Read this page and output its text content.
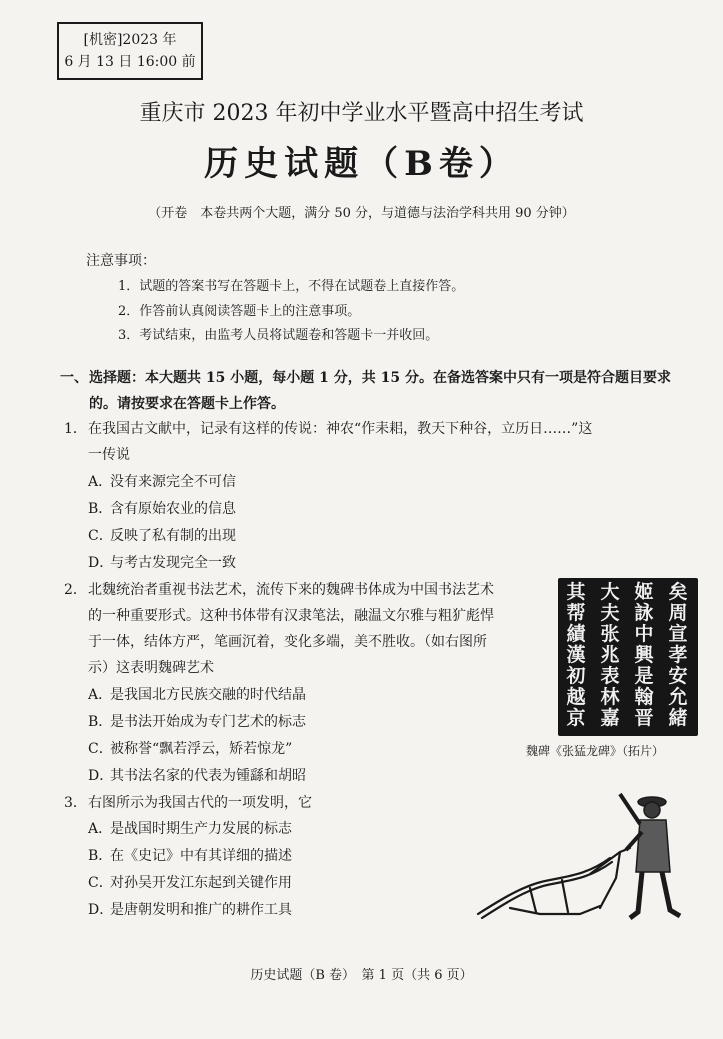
[机密]2023 年
6 月 13 日 16:00 前
重庆市 2023 年初中学业水平暨高中招生考试
历史试题（B卷）
（开卷　本卷共两个大题，满分 50 分，与道德与法治学科共用 90 分钟）
注意事项：
1．试题的答案书写在答题卡上，不得在试题卷上直接作答。
2．作答前认真阅读答题卡上的注意事项。
3．考试结束，由监考人员将试题卷和答题卡一并收回。
一、 选择题：本大题共 15 小题，每小题 1 分，共 15 分。在备选答案中只有一项是符合题目要求的。请按要求在答题卡上作答。
1． 在我国古文献中，记录有这样的传说：神农“作耒耜，教天下种谷，立历日……”这
一传说
A．没有来源完全不可信
B．含有原始农业的信息
C．反映了私有制的出现
D．与考古发现完全一致
2． 北魏统治者重视书法艺术，流传下来的魏碑书体成为中国书法艺术
的一种重要形式。这种书体带有汉隶笔法，融温文尔雅与粗犷彪悍
于一体，结体方严，笔画沉着，变化多端，美不胜收。（如右图所
示）这表明魏碑艺术
A．是我国北方民族交融的时代结晶
B．是书法开始成为专门艺术的标志
C．被称誉“飘若浮云，矫若惊龙”
D．其书法名家的代表为锺繇和胡昭
其 大 姬 矣
帮 夫 詠 周
績 张 中 宣
漢 兆 興 孝
初 表 是 安
越 林 翰 允
京 嘉 晋 緒
魏碑《张猛龙碑》（拓片）
3． 右图所示为我国古代的一项发明，它
A．是战国时期生产力发展的标志
B．在《史记》中有其详细的描述
C．对孙吴开发江东起到关键作用
D．是唐朝发明和推广的耕作工具
历史试题（B 卷）　第 1 页（共 6 页）
